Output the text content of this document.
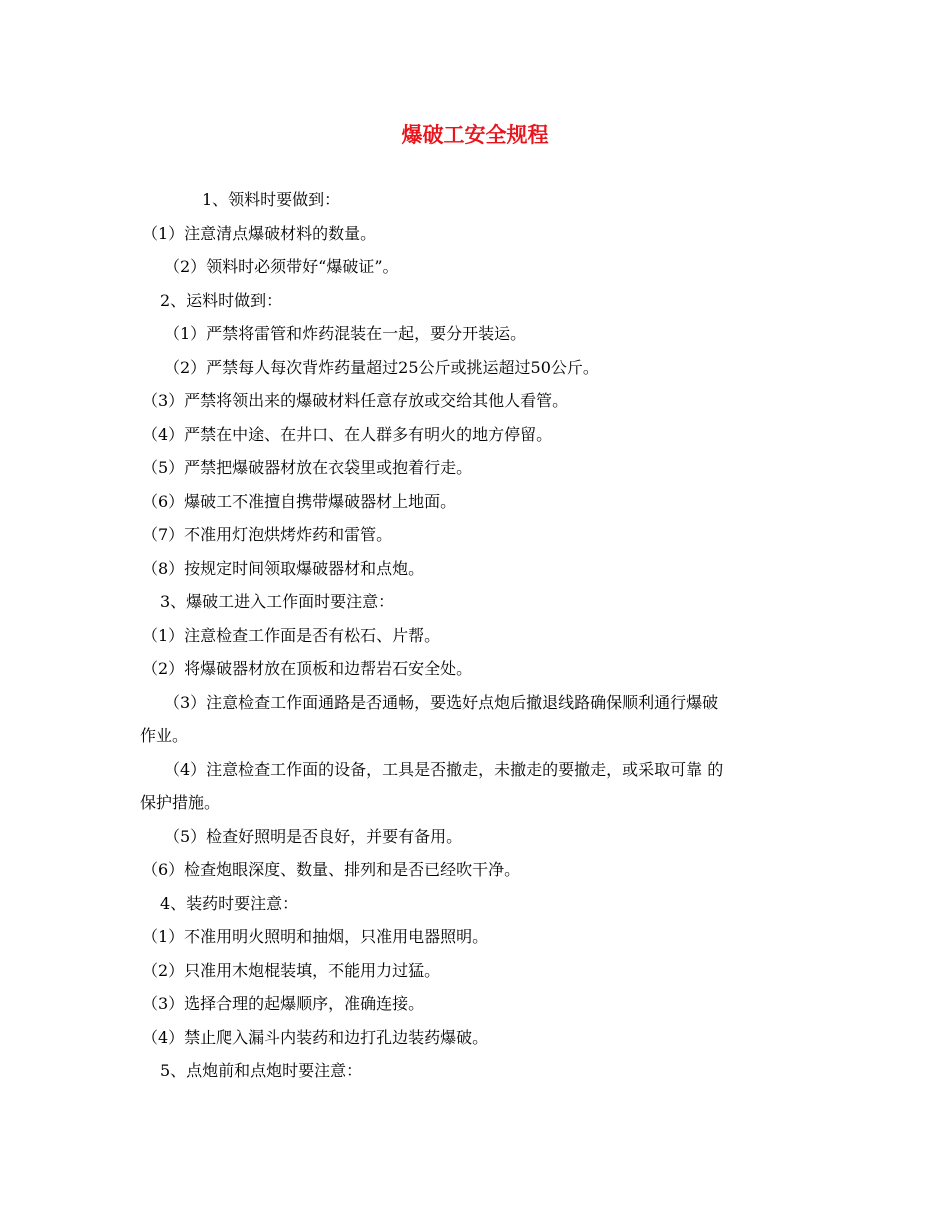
爆破工安全规程
1、领料时要做到：
（1）注意清点爆破材料的数量。
（2）领料时必须带好“爆破证”。
2、运料时做到：
（1）严禁将雷管和炸药混装在一起，要分开装运。
（2）严禁每人每次背炸药量超过25公斤或挑运超过50公斤。
（3）严禁将领出来的爆破材料任意存放或交给其他人看管。
（4）严禁在中途、在井口、在人群多有明火的地方停留。
（5）严禁把爆破器材放在衣袋里或抱着行走。
（6）爆破工不准擅自携带爆破器材上地面。
（7）不准用灯泡烘烤炸药和雷管。
（8）按规定时间领取爆破器材和点炮。
3、爆破工进入工作面时要注意：
（1）注意检查工作面是否有松石、片帮。
（2）将爆破器材放在顶板和边帮岩石安全处。
（3）注意检查工作面通路是否通畅，要选好点炮后撤退线路确保顺利通行爆破
作业。
（4）注意检查工作面的设备，工具是否撤走，未撤走的要撤走，或采取可靠 的
保护措施。
（5）检查好照明是否良好，并要有备用。
（6）检查炮眼深度、数量、排列和是否已经吹干净。
4、装药时要注意：
（1）不准用明火照明和抽烟，只准用电器照明。
（2）只准用木炮棍装填，不能用力过猛。
（3）选择合理的起爆顺序，准确连接。
（4）禁止爬入漏斗内装药和边打孔边装药爆破。
5、点炮前和点炮时要注意：
